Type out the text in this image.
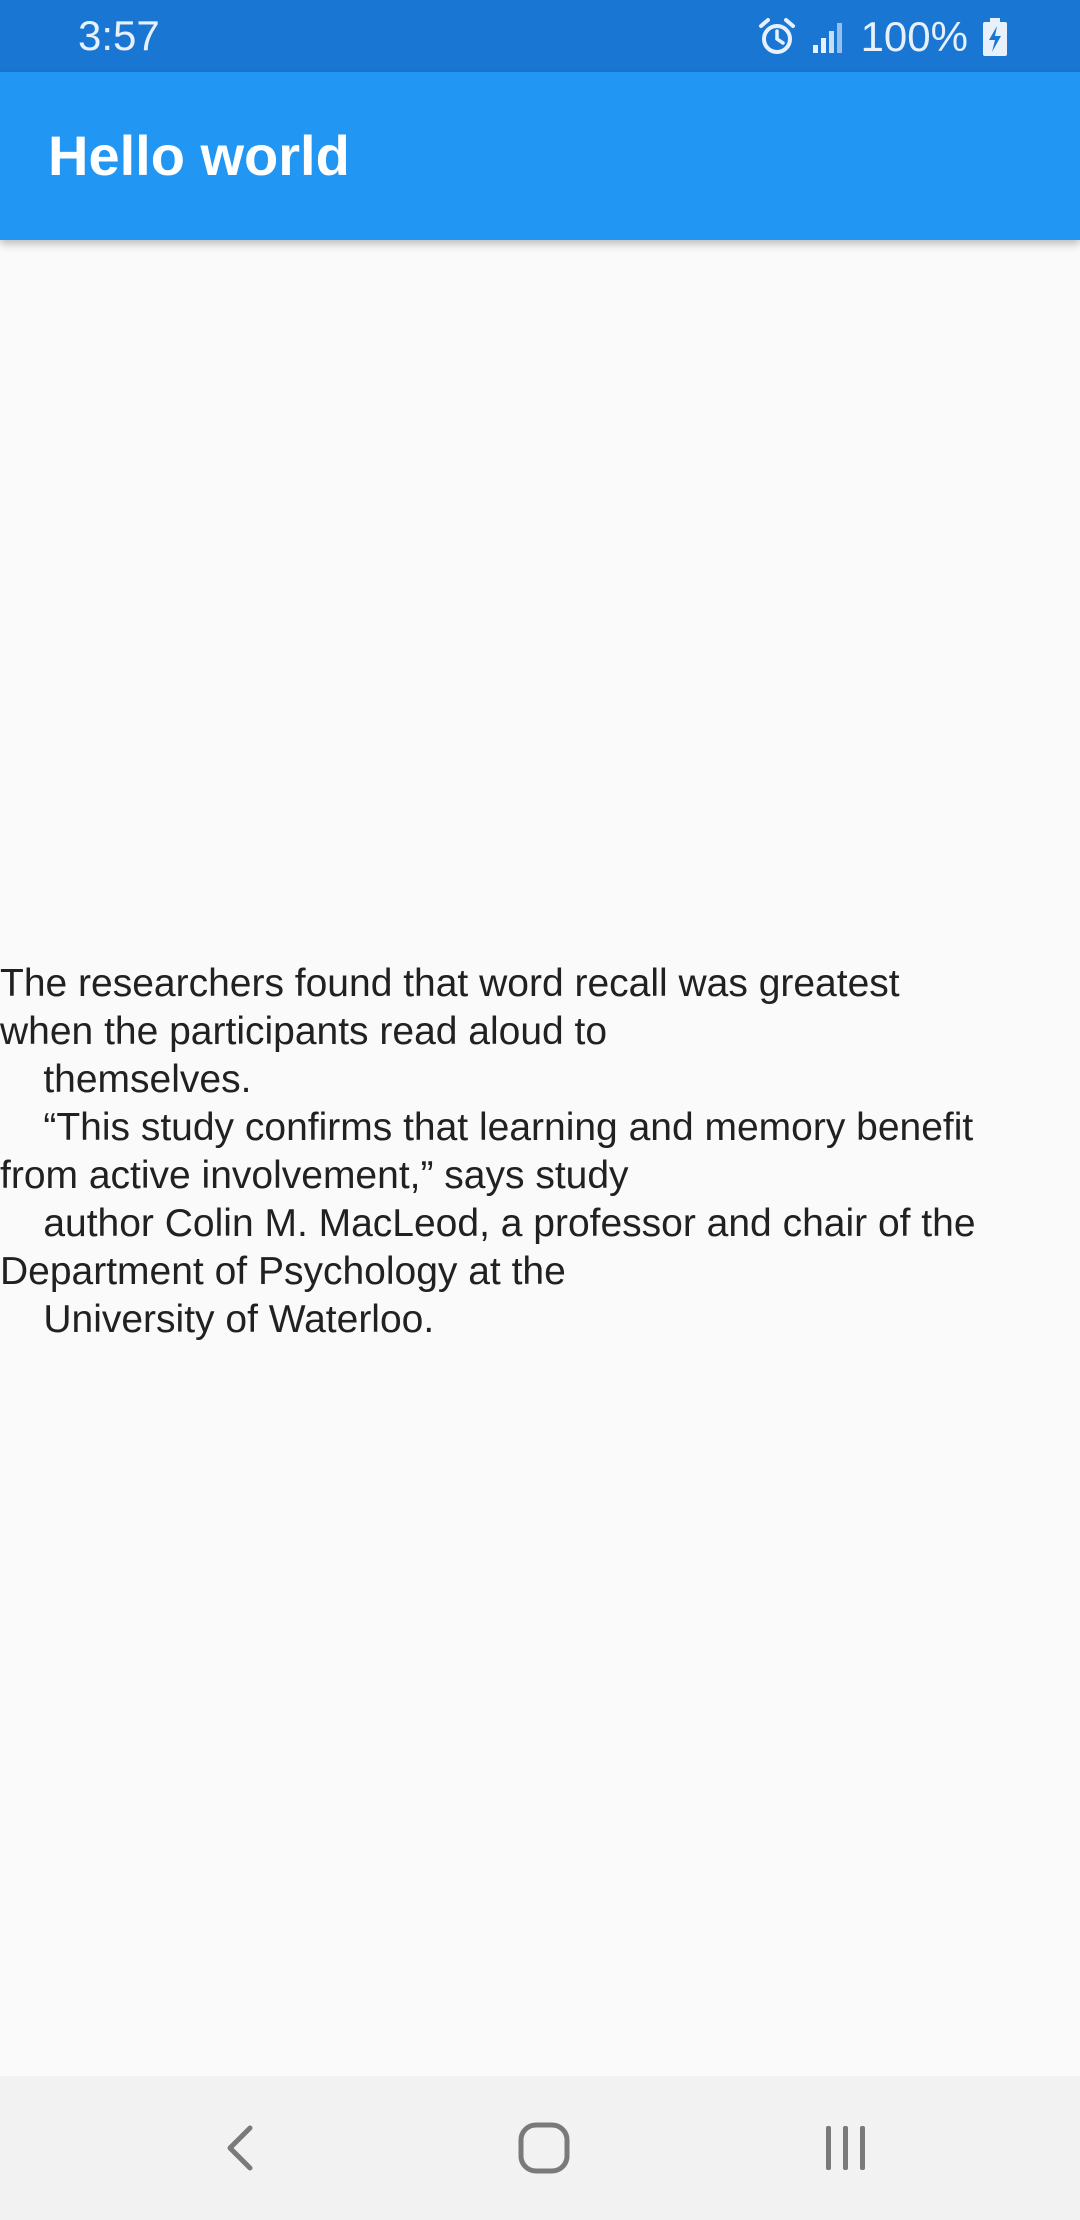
3:57	100%
Hello world
The researchers found that word recall was greatest
when the participants read aloud to
themselves.
“This study confirms that learning and memory benefit
from active involvement,” says study
author Colin M. MacLeod, a professor and chair of the
Department of Psychology at the
University of Waterloo.
